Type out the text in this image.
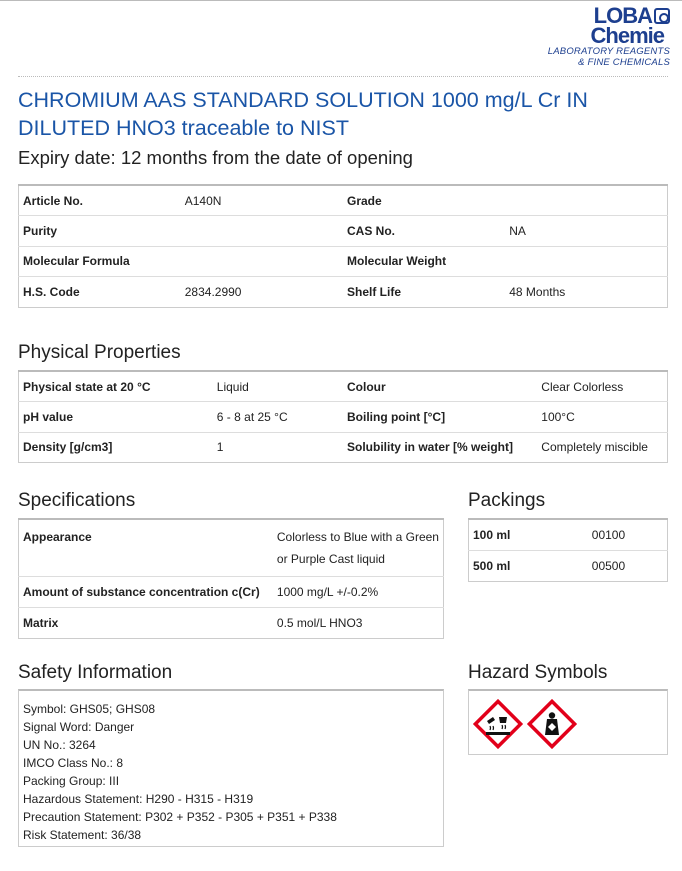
LOBA
Chemie
LABORATORY REAGENTS
& FINE CHEMICALS
CHROMIUM AAS STANDARD SOLUTION 1000 mg/L Cr IN DILUTED HNO3 traceable to NIST
Expiry date: 12 months from the date of opening
Article No.	A140N	Grade	
Purity		CAS No.	NA
Molecular Formula		Molecular Weight	
H.S. Code	2834.2990	Shelf Life	48 Months
Physical Properties
Physical state at 20 °C	Liquid	Colour	Clear Colorless
pH value	6 - 8 at 25 °C	Boiling point [°C]	100°C
Density [g/cm3]	1	Solubility in water [% weight]	Completely miscible
Specifications
Appearance	Colorless to Blue with a Green or Purple Cast liquid
Amount of substance concentration c(Cr)	1000 mg/L +/-0.2%
Matrix	0.5 mol/L HNO3
Packings
100 ml	00100
500 ml	00500
Safety Information
Symbol: GHS05; GHS08
Signal Word: Danger
UN No.: 3264
IMCO Class No.: 8
Packing Group: III
Hazardous Statement: H290 - H315 - H319
Precaution Statement: P302 + P352 - P305 + P351 + P338
Risk Statement: 36/38
Hazard Symbols
